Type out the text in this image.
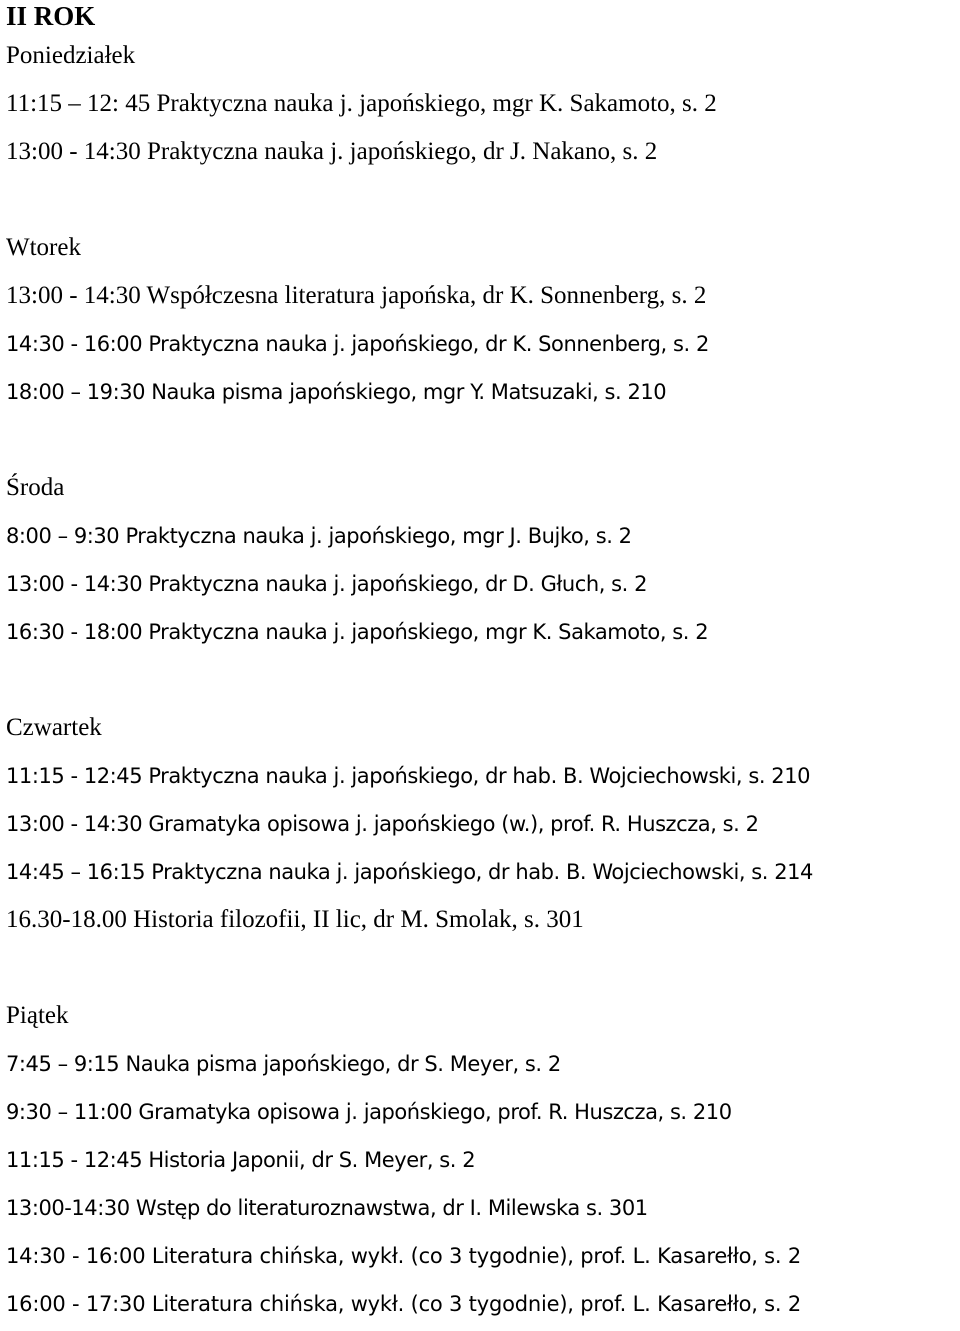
II ROK
Poniedziałek
11:15 – 12: 45 Praktyczna nauka j. japońskiego, mgr K. Sakamoto, s. 2
13:00 - 14:30 Praktyczna nauka j. japońskiego, dr J. Nakano, s. 2
Wtorek
13:00 - 14:30 Współczesna literatura japońska, dr K. Sonnenberg, s. 2
14:30 - 16:00 Praktyczna nauka j. japońskiego, dr K. Sonnenberg, s. 2
18:00 – 19:30 Nauka pisma japońskiego, mgr Y. Matsuzaki, s. 210
Środa
8:00 – 9:30 Praktyczna nauka j. japońskiego, mgr J. Bujko, s. 2
13:00 - 14:30 Praktyczna nauka j. japońskiego, dr D. Głuch, s. 2
16:30 - 18:00 Praktyczna nauka j. japońskiego, mgr K. Sakamoto, s. 2
Czwartek
11:15 - 12:45 Praktyczna nauka j. japońskiego, dr hab. B. Wojciechowski, s. 210
13:00 - 14:30 Gramatyka opisowa j. japońskiego (w.), prof. R. Huszcza, s. 2
14:45 – 16:15 Praktyczna nauka j. japońskiego, dr hab. B. Wojciechowski, s. 214
16.30-18.00 Historia filozofii, II lic, dr M. Smolak, s. 301
Piątek
7:45 – 9:15 Nauka pisma japońskiego, dr S. Meyer, s. 2
9:30 – 11:00 Gramatyka opisowa j. japońskiego, prof. R. Huszcza, s. 210
11:15 - 12:45 Historia Japonii, dr S. Meyer, s. 2
13:00-14:30 Wstęp do literaturoznawstwa, dr I. Milewska s. 301
14:30 - 16:00 Literatura chińska, wykł. (co 3 tygodnie), prof. L. Kasarełło, s. 2
16:00 - 17:30 Literatura chińska, wykł. (co 3 tygodnie), prof. L. Kasarełło, s. 2
